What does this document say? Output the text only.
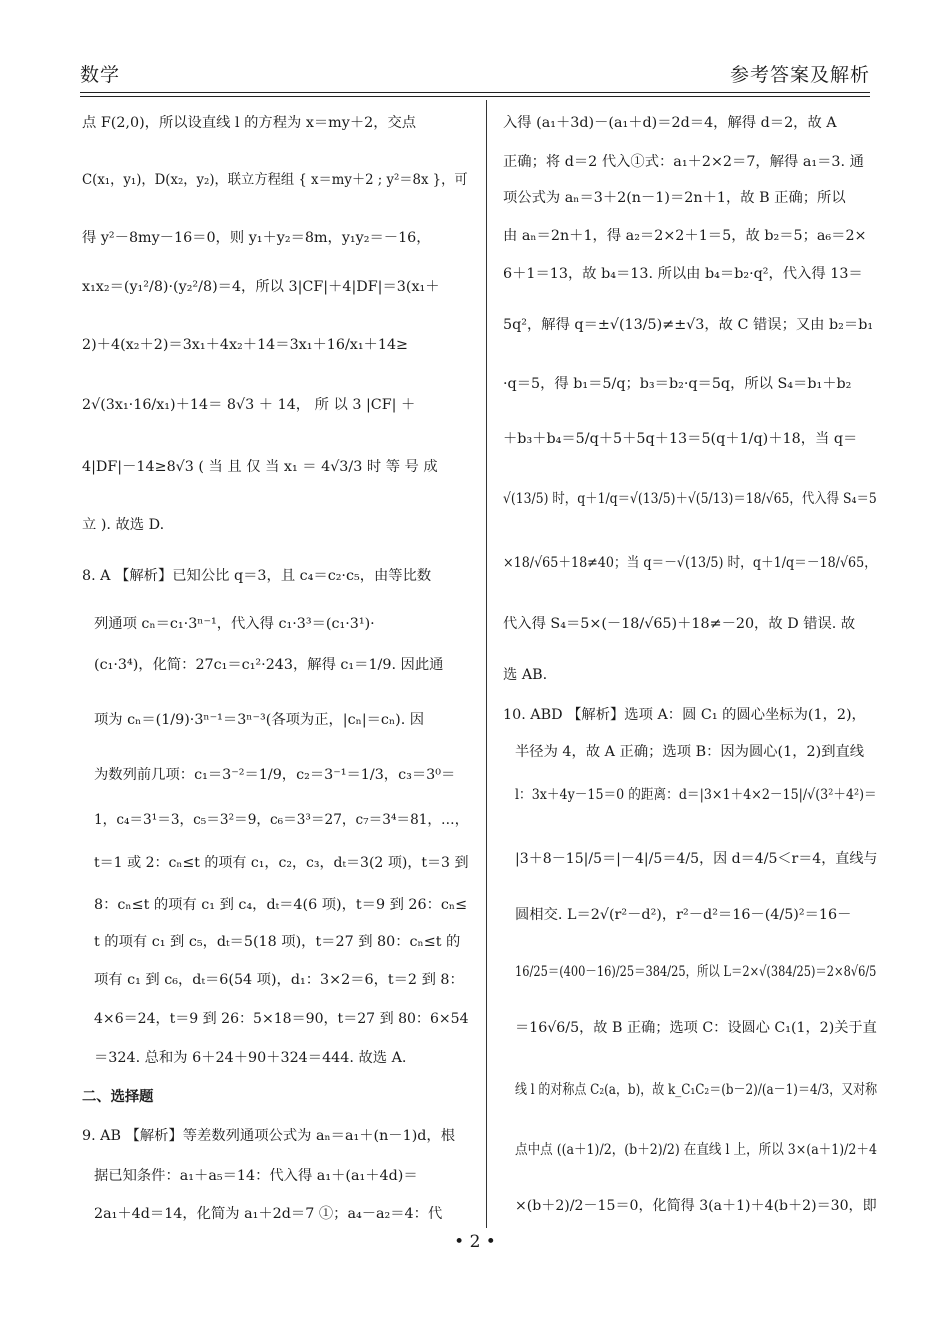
数学	参考答案及解析
点 F(2,0)，所以设直线 l 的方程为 x＝my＋2，交点
C(x₁，y₁)，D(x₂，y₂)，联立方程组 { x＝my＋2 ; y²＝8x }，可
得 y²－8my－16＝0，则 y₁＋y₂＝8m，y₁y₂＝－16，
x₁x₂＝(y₁²/8)·(y₂²/8)＝4，所以 3|CF|＋4|DF|＝3(x₁＋
2)＋4(x₂＋2)＝3x₁＋4x₂＋14＝3x₁＋16/x₁＋14≥
2√(3x₁·16/x₁)＋14＝ 8√3 ＋ 14， 所 以 3 |CF| ＋
4|DF|－14≥8√3 ( 当 且 仅 当 x₁ ＝ 4√3/3 时 等 号 成
立 ). 故选 D.
8. A 【解析】已知公比 q＝3，且 c₄＝c₂·c₅，由等比数
列通项 cₙ＝c₁·3ⁿ⁻¹，代入得 c₁·3³＝(c₁·3¹)·
(c₁·3⁴)，化简：27c₁＝c₁²·243，解得 c₁＝1/9. 因此通
项为 cₙ＝(1/9)·3ⁿ⁻¹＝3ⁿ⁻³(各项为正，|cₙ|＝cₙ). 因
为数列前几项：c₁＝3⁻²＝1/9，c₂＝3⁻¹＝1/3，c₃＝3⁰＝
1，c₄＝3¹＝3，c₅＝3²＝9，c₆＝3³＝27，c₇＝3⁴＝81，…，
t＝1 或 2：cₙ≤t 的项有 c₁，c₂，c₃，dₜ＝3(2 项)，t＝3 到
8：cₙ≤t 的项有 c₁ 到 c₄，dₜ＝4(6 项)，t＝9 到 26：cₙ≤
t 的项有 c₁ 到 c₅，dₜ＝5(18 项)，t＝27 到 80：cₙ≤t 的
项有 c₁ 到 c₆，dₜ＝6(54 项)，d₁：3×2＝6，t＝2 到 8：
4×6＝24，t＝9 到 26：5×18＝90，t＝27 到 80：6×54
＝324. 总和为 6＋24＋90＋324＝444. 故选 A.
二、选择题
9. AB 【解析】等差数列通项公式为 aₙ＝a₁＋(n－1)d，根
据已知条件：a₁＋a₅＝14：代入得 a₁＋(a₁＋4d)＝
2a₁＋4d＝14，化简为 a₁＋2d＝7 ①；a₄－a₂＝4：代
入得 (a₁＋3d)－(a₁＋d)＝2d＝4，解得 d＝2，故 A
正确；将 d＝2 代入①式：a₁＋2×2＝7，解得 a₁＝3. 通
项公式为 aₙ＝3＋2(n－1)＝2n＋1，故 B 正确；所以
由 aₙ＝2n＋1，得 a₂＝2×2＋1＝5，故 b₂＝5；a₆＝2×
6＋1＝13，故 b₄＝13. 所以由 b₄＝b₂·q²，代入得 13＝
5q²，解得 q＝±√(13/5)≠±√3，故 C 错误；又由 b₂＝b₁
·q＝5，得 b₁＝5/q；b₃＝b₂·q＝5q，所以 S₄＝b₁＋b₂
＋b₃＋b₄＝5/q＋5＋5q＋13＝5(q＋1/q)＋18，当 q＝
√(13/5) 时，q＋1/q＝√(13/5)＋√(5/13)＝18/√65，代入得 S₄＝5
×18/√65＋18≠40；当 q＝－√(13/5) 时，q＋1/q＝－18/√65，
代入得 S₄＝5×(－18/√65)＋18≠－20，故 D 错误. 故
选 AB.
10. ABD 【解析】选项 A：圆 C₁ 的圆心坐标为(1，2)，
半径为 4，故 A 正确；选项 B：因为圆心(1，2)到直线
l：3x＋4y－15＝0 的距离：d＝|3×1＋4×2－15|/√(3²＋4²)＝
|3＋8－15|/5＝|－4|/5＝4/5，因 d＝4/5＜r＝4，直线与
圆相交. L＝2√(r²－d²)，r²－d²＝16－(4/5)²＝16－
16/25＝(400－16)/25＝384/25，所以 L＝2×√(384/25)＝2×8√6/5
＝16√6/5，故 B 正确；选项 C：设圆心 C₁(1，2)关于直
线 l 的对称点 C₂(a，b)，故 k_C₁C₂＝(b－2)/(a－1)＝4/3，又对称
点中点 ((a＋1)/2，(b＋2)/2) 在直线 l 上，所以 3×(a＋1)/2＋4
×(b＋2)/2－15＝0，化简得 3(a＋1)＋4(b＋2)＝30，即
• 2 •
